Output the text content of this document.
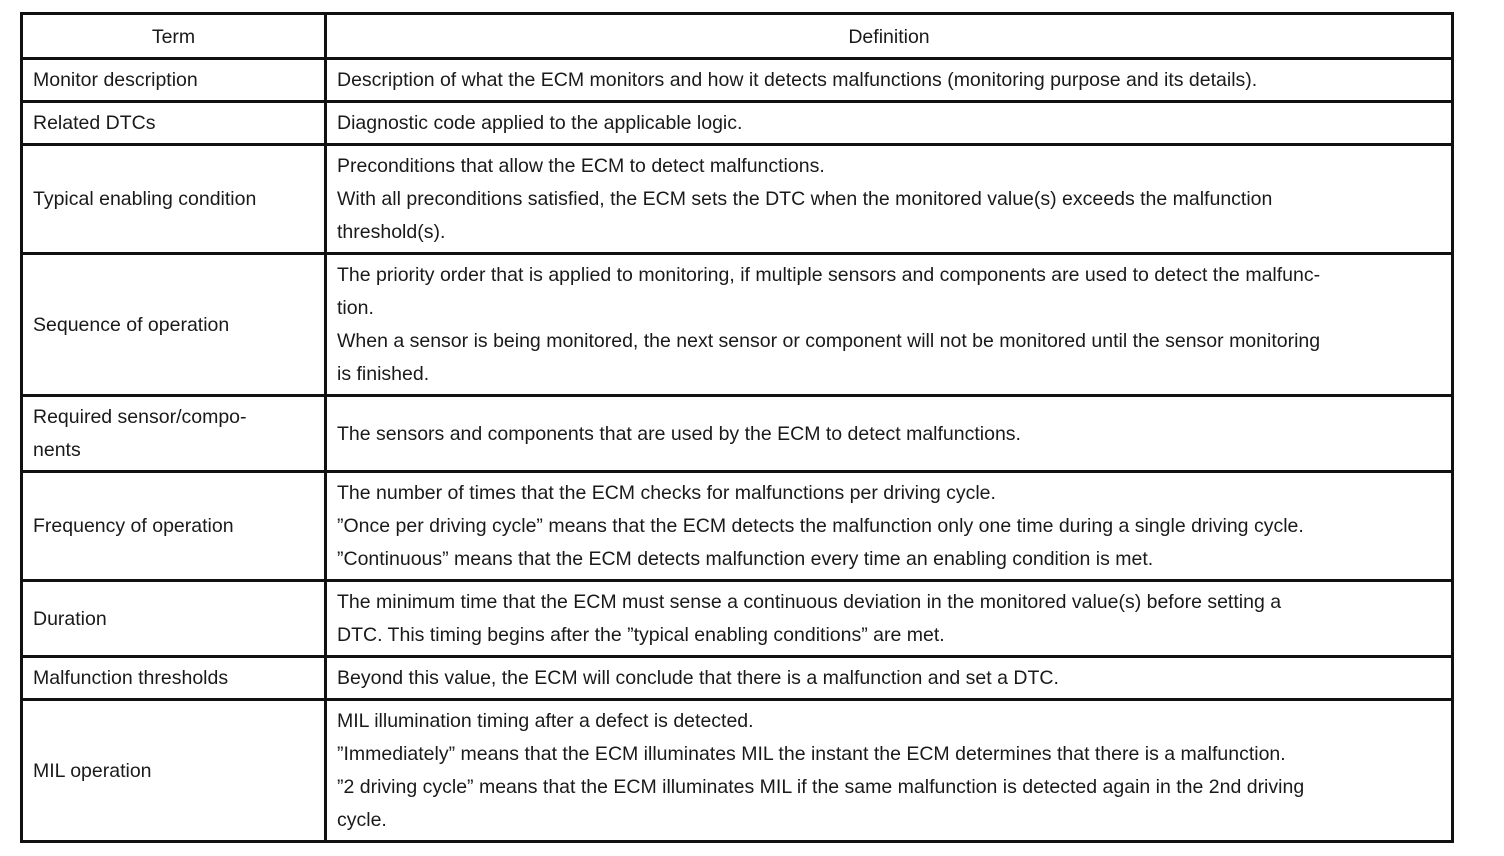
Term	Definition

Monitor description	Description of what the ECM monitors and how it detects malfunctions (monitoring purpose and its details).

Related DTCs	Diagnostic code applied to the applicable logic.

Typical enabling condition	Preconditions that allow the ECM to detect malfunctions.
With all preconditions satisfied, the ECM sets the DTC when the monitored value(s) exceeds the malfunction
threshold(s).

Sequence of operation	The priority order that is applied to monitoring, if multiple sensors and components are used to detect the malfunc-
tion.
When a sensor is being monitored, the next sensor or component will not be monitored until the sensor monitoring
is finished.

Required sensor/compo-
nents	The sensors and components that are used by the ECM to detect malfunctions.

Frequency of operation	The number of times that the ECM checks for malfunctions per driving cycle.
”Once per driving cycle” means that the ECM detects the malfunction only one time during a single driving cycle.
”Continuous” means that the ECM detects malfunction every time an enabling condition is met.

Duration	The minimum time that the ECM must sense a continuous deviation in the monitored value(s) before setting a
DTC. This timing begins after the ”typical enabling conditions” are met.

Malfunction thresholds	Beyond this value, the ECM will conclude that there is a malfunction and set a DTC.

MIL operation	MIL illumination timing after a defect is detected.
”Immediately” means that the ECM illuminates MIL the instant the ECM determines that there is a malfunction.
”2 driving cycle” means that the ECM illuminates MIL if the same malfunction is detected again in the 2nd driving
cycle.
